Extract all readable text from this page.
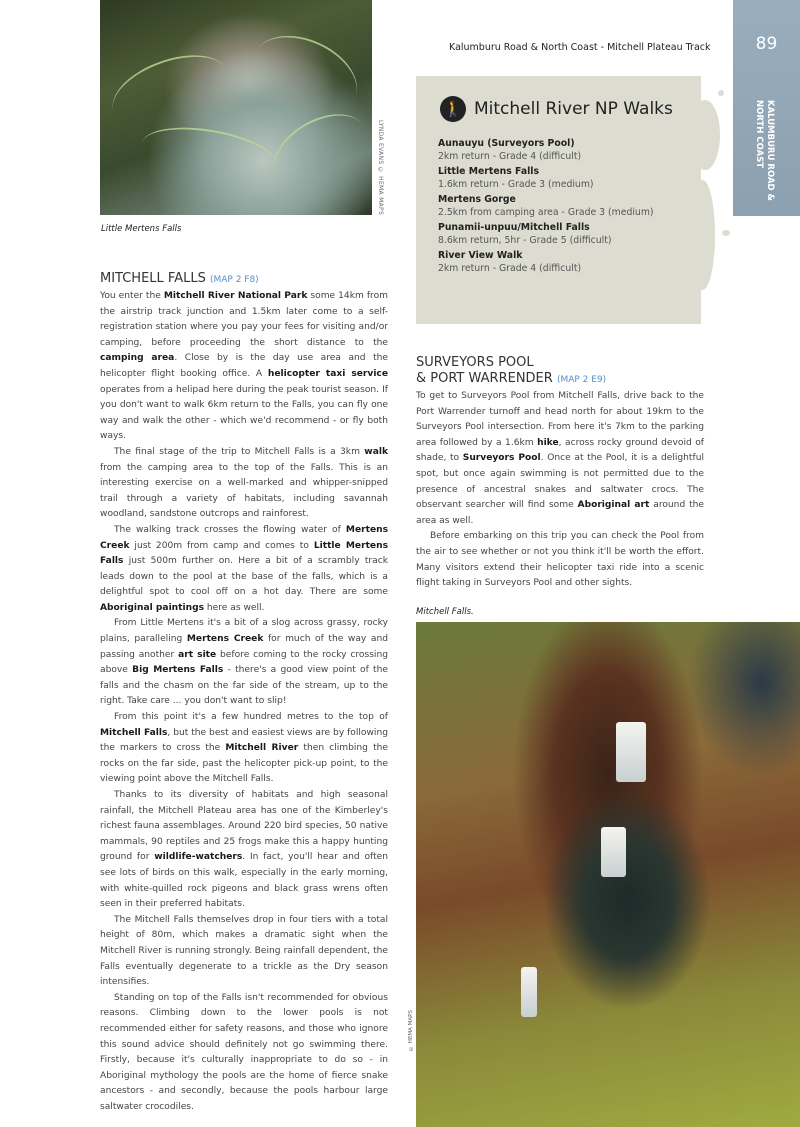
LYNDA EVANS © HEMA MAPS
Little Mertens Falls
Kalumburu Road & North Coast - Mitchell Plateau Track	89
KALUMBURU ROAD & NORTH COAST
🚶 Mitchell River NP Walks
Aunauyu (Surveyors Pool)
2km return - Grade 4 (difficult)
Little Mertens Falls
1.6km return - Grade 3 (medium)
Mertens Gorge
2.5km from camping area - Grade 3 (medium)
Punamii-unpuu/Mitchell Falls
8.6km return, 5hr - Grade 5 (difficult)
River View Walk
2km return - Grade 4 (difficult)
MITCHELL FALLS (MAP 2 F8)

You enter the Mitchell River National Park some 14km from the airstrip track junction and 1.5km later come to a self-registration station where you pay your fees for visiting and/or camping, before proceeding the short distance to the camping area. Close by is the day use area and the helicopter flight booking office. A helicopter taxi service operates from a helipad here during the peak tourist season. If you don't want to walk 6km return to the Falls, you can fly one way and walk the other - which we'd recommend - or fly both ways.

The final stage of the trip to Mitchell Falls is a 3km walk from the camping area to the top of the Falls. This is an interesting exercise on a well-marked and whipper-snipped trail through a variety of habitats, including savannah woodland, sandstone outcrops and rainforest.

The walking track crosses the flowing water of Mertens Creek just 200m from camp and comes to Little Mertens Falls just 500m further on. Here a bit of a scrambly track leads down to the pool at the base of the falls, which is a delightful spot to cool off on a hot day. There are some Aboriginal paintings here as well.

From Little Mertens it's a bit of a slog across grassy, rocky plains, paralleling Mertens Creek for much of the way and passing another art site before coming to the rocky crossing above Big Mertens Falls - there's a good view point of the falls and the chasm on the far side of the stream, up to the right. Take care ... you don't want to slip!

From this point it's a few hundred metres to the top of Mitchell Falls, but the best and easiest views are by following the markers to cross the Mitchell River then climbing the rocks on the far side, past the helicopter pick-up point, to the viewing point above the Mitchell Falls.

Thanks to its diversity of habitats and high seasonal rainfall, the Mitchell Plateau area has one of the Kimberley's richest fauna assemblages. Around 220 bird species, 50 native mammals, 90 reptiles and 25 frogs make this a happy hunting ground for wildlife-watchers. In fact, you'll hear and often see lots of birds on this walk, especially in the early morning, with white-quilled rock pigeons and black grass wrens often seen in their preferred habitats.

The Mitchell Falls themselves drop in four tiers with a total height of 80m, which makes a dramatic sight when the Mitchell River is running strongly. Being rainfall dependent, the Falls eventually degenerate to a trickle as the Dry season intensifies.

Standing on top of the Falls isn't recommended for obvious reasons. Climbing down to the lower pools is not recommended either for safety reasons, and those who ignore this sound advice should definitely not go swimming there. Firstly, because it's culturally inappropriate to do so - in Aboriginal mythology the pools are the home of fierce snake ancestors - and secondly, because the pools harbour large saltwater crocodiles.

SURVEYORS POOL
& PORT WARRENDER (MAP 2 E9)

To get to Surveyors Pool from Mitchell Falls, drive back to the Port Warrender turnoff and head north for about 19km to the Surveyors Pool intersection. From here it's 7km to the parking area followed by a 1.6km hike, across rocky ground devoid of shade, to Surveyors Pool. Once at the Pool, it is a delightful spot, but once again swimming is not permitted due to the presence of ancestral snakes and saltwater crocs. The observant searcher will find some Aboriginal art around the area as well.

Before embarking on this trip you can check the Pool from the air to see whether or not you think it'll be worth the effort. Many visitors extend their helicopter taxi ride into a scenic flight taking in Surveyors Pool and other sights.

Mitchell Falls.
© HEMA MAPS
